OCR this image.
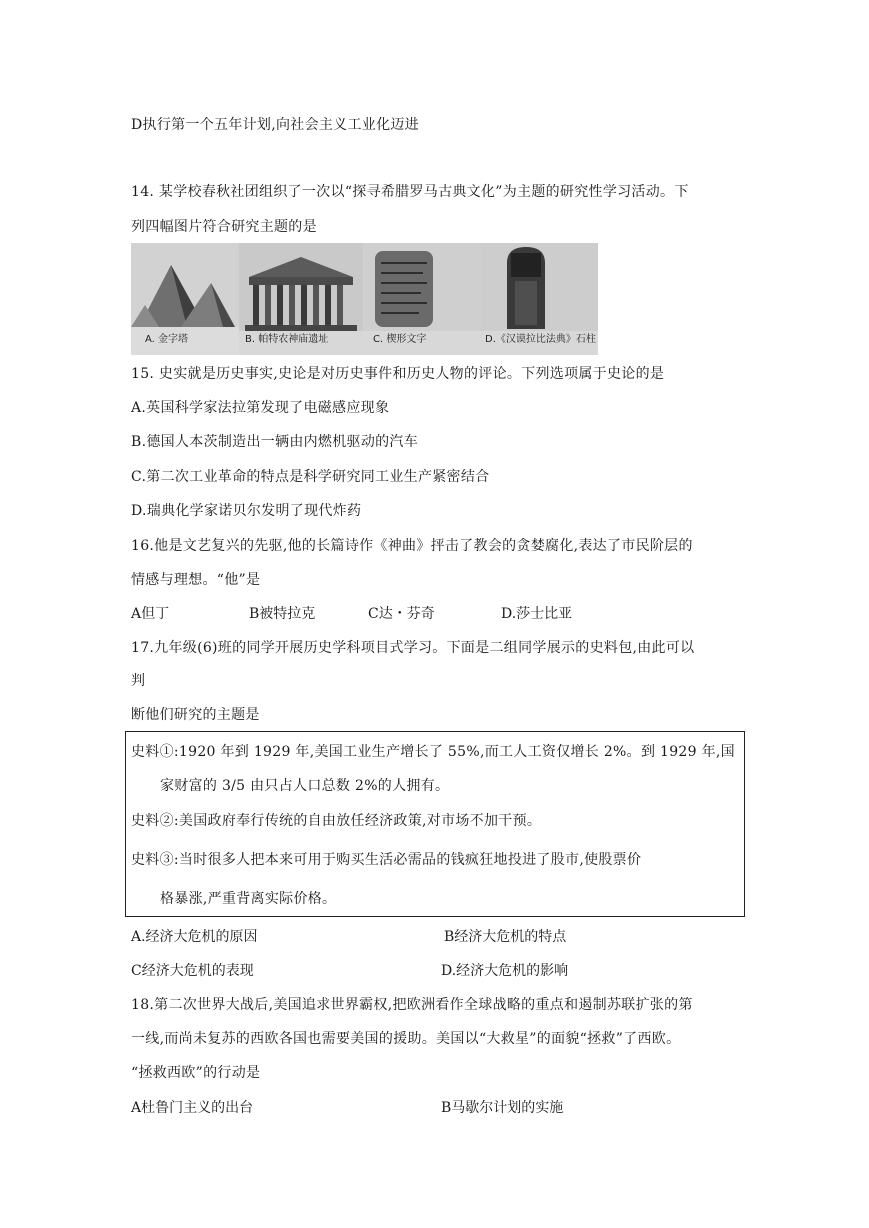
D执行第一个五年计划,向社会主义工业化迈进
14. 某学校春秋社团组织了一次以“探寻希腊罗马古典文化”为主题的研究性学习活动。下
列四幅图片符合研究主题的是
A. 金字塔	B. 帕特农神庙遗址	C. 楔形文字	D.《汉谟拉比法典》石柱
15. 史实就是历史事实,史论是对历史事件和历史人物的评论。下列选项属于史论的是
A.英国科学家法拉第发现了电磁感应现象
B.德国人本茨制造出一辆由内燃机驱动的汽车
C.第二次工业革命的特点是科学研究同工业生产紧密结合
D.瑞典化学家诺贝尔发明了现代炸药
16.他是文艺复兴的先驱,他的长篇诗作《神曲》抨击了教会的贪婪腐化,表达了市民阶层的
情感与理想。“他”是
A但丁	B被特拉克	C达・芬奇	D.莎士比亚
17.九年级(6)班的同学开展历史学科项目式学习。下面是二组同学展示的史料包,由此可以
判
断他们研究的主题是
史料①:1920 年到 1929 年,美国工业生产增长了 55%,而工人工资仅增长 2%。到 1929 年,国
家财富的 3/5 由只占人口总数 2%的人拥有。
史料②:美国政府奉行传统的自由放任经济政策,对市场不加干预。
史料③:当时很多人把本来可用于购买生活必需品的钱疯狂地投进了股市,使股票价
格暴涨,严重背离实际价格。
A.经济大危机的原因	B经济大危机的特点
C经济大危机的表现	D.经济大危机的影响
18.第二次世界大战后,美国追求世界霸权,把欧洲看作全球战略的重点和遏制苏联扩张的第
一线,而尚未复苏的西欧各国也需要美国的援助。美国以“大救星”的面貌“拯救”了西欧。
“拯救西欧”的行动是
A杜鲁门主义的出台	B马歇尔计划的实施
